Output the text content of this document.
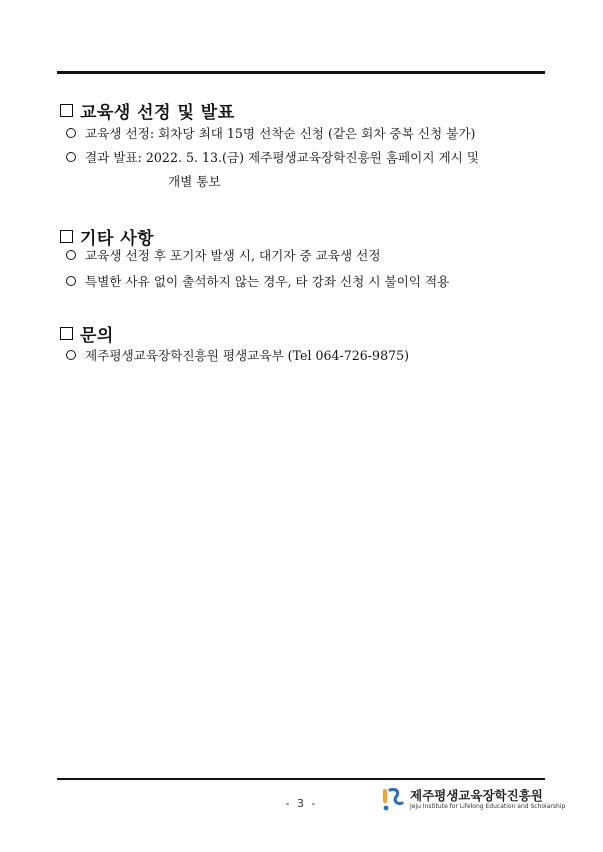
교육생 선정 및 발표
교육생 선정: 회차당 최대 15명 선착순 신청 (같은 회차 중복 신청 불가)
결과 발표: 2022. 5. 13.(금) 제주평생교육장학진흥원 홈페이지 게시 및
개별 통보
기타 사항
교육생 선정 후 포기자 발생 시, 대기자 중 교육생 선정
특별한 사유 없이 출석하지 않는 경우, 타 강좌 신청 시 불이익 적용
문의
제주평생교육장학진흥원 평생교육부 (Tel 064-726-9875)
- 3 -
제주평생교육장학진흥원
Jeju Institute for Lifelong Education and Scholarship
